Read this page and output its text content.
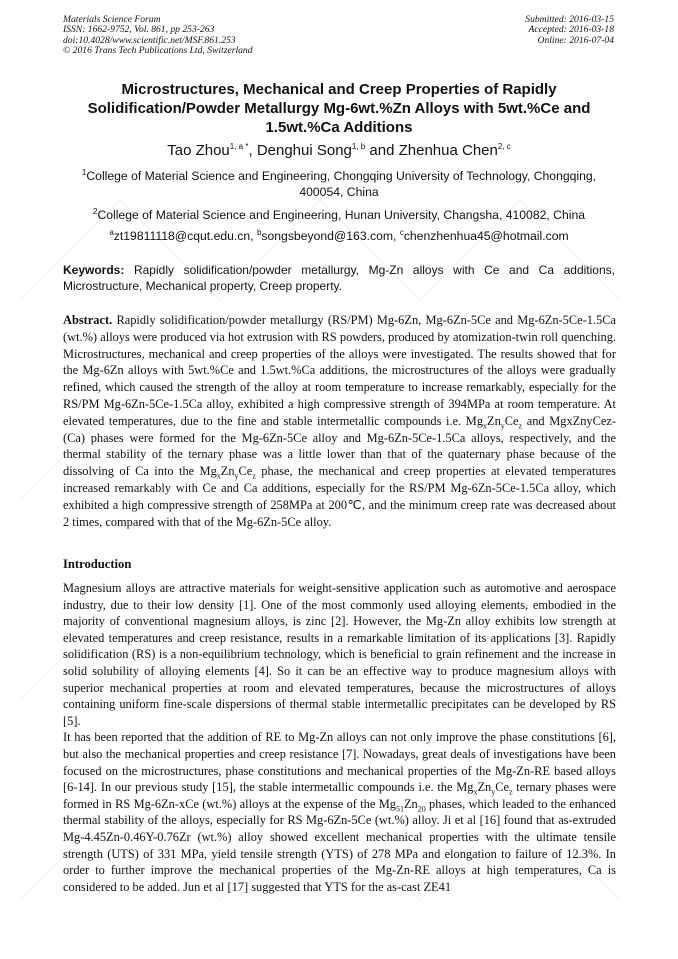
Materials Science Forum
ISSN: 1662-9752, Vol. 861, pp 253-263
doi:10.4028/www.scientific.net/MSF.861.253
© 2016 Trans Tech Publications Ltd, Switzerland
Submitted: 2016-03-15
Accepted: 2016-03-18
Online: 2016-07-04
Microstructures, Mechanical and Creep Properties of Rapidly
Solidification/Powder Metallurgy Mg-6wt.%Zn Alloys with 5wt.%Ce and
1.5wt.%Ca Additions
Tao Zhou$^{1, a *}$, Denghui Song$^{1, b}$ and Zhenhua Chen$^{2, c}$
$^1$College of Material Science and Engineering, Chongqing University of Technology, Chongqing, 400054, China
$^2$College of Material Science and Engineering, Hunan University, Changsha, 410082, China
$^a$zt19811118@cqut.edu.cn, $^b$songsbeyond@163.com, $^c$chenzhenhua45@hotmail.com
Keywords: Rapidly solidification/powder metallurgy, Mg-Zn alloys with Ce and Ca additions, Microstructure, Mechanical property, Creep property.
Abstract. Rapidly solidification/powder metallurgy (RS/PM) Mg-6Zn, Mg-6Zn-5Ce and Mg-6Zn-5Ce-1.5Ca (wt.%) alloys were produced via hot extrusion with RS powders, produced by atomization-twin roll quenching. Microstructures, mechanical and creep properties of the alloys were investigated. The results showed that for the Mg-6Zn alloys with 5wt.%Ce and 1.5wt.%Ca additions, the microstructures of the alloys were gradually refined, which caused the strength of the alloy at room temperature to increase remarkably, especially for the RS/PM Mg-6Zn-5Ce-1.5Ca alloy, exhibited a high compressive strength of 394MPa at room temperature. At elevated temperatures, due to the fine and stable intermetallic compounds i.e. $Mg_xZn_yCe_z$ and MgxZnyCez-(Ca) phases were formed for the Mg-6Zn-5Ce alloy and Mg-6Zn-5Ce-1.5Ca alloys, respectively, and the thermal stability of the ternary phase was a little lower than that of the quaternary phase because of the dissolving of Ca into the $Mg_xZn_yCe_z$ phase, the mechanical and creep properties at elevated temperatures increased remarkably with Ce and Ca additions, especially for the RS/PM Mg-6Zn-5Ce-1.5Ca alloy, which exhibited a high compressive strength of 258MPa at 200℃, and the minimum creep rate was decreased about 2 times, compared with that of the Mg-6Zn-5Ce alloy.
Introduction

Magnesium alloys are attractive materials for weight-sensitive application such as automotive and aerospace industry, due to their low density [1]. One of the most commonly used alloying elements, embodied in the majority of conventional magnesium alloys, is zinc [2]. However, the Mg-Zn alloy exhibits low strength at elevated temperatures and creep resistance, results in a remarkable limitation of its applications [3]. Rapidly solidification (RS) is a non-equilibrium technology, which is beneficial to grain refinement and the increase in solid solubility of alloying elements [4]. So it can be an effective way to produce magnesium alloys with superior mechanical properties at room and elevated temperatures, because the microstructures of alloys containing uniform fine-scale dispersions of thermal stable intermetallic precipitates can be developed by RS [5].

It has been reported that the addition of RE to Mg-Zn alloys can not only improve the phase constitutions [6], but also the mechanical properties and creep resistance [7]. Nowadays, great deals of investigations have been focused on the microstructures, phase constitutions and mechanical properties of the Mg-Zn-RE based alloys [6-14]. In our previous study [15], the stable intermetallic compounds i.e. the $Mg_xZn_yCe_z$ ternary phases were formed in RS Mg-6Zn-xCe (wt.%) alloys at the expense of the $Mg_{51}Zn_{20}$ phases, which leaded to the enhanced thermal stability of the alloys, especially for RS Mg-6Zn-5Ce (wt.%) alloy. Ji et al [16] found that as-extruded Mg-4.45Zn-0.46Y-0.76Zr (wt.%) alloy showed excellent mechanical properties with the ultimate tensile strength (UTS) of 331 MPa, yield tensile strength (YTS) of 278 MPa and elongation to failure of 12.3%. In order to further improve the mechanical properties of the Mg-Zn-RE alloys at high temperatures, Ca is considered to be added. Jun et al [17] suggested that YTS for the as-cast ZE41
